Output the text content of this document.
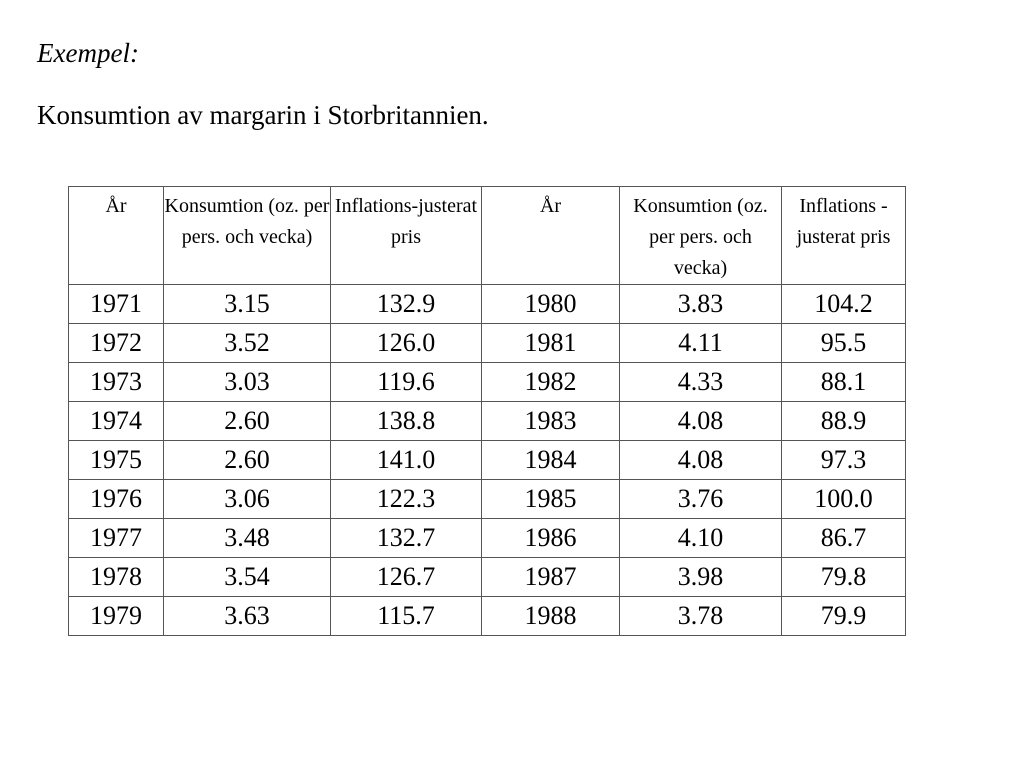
Exempel:
Konsumtion av margarin i Storbritannien.
År	Konsumtion (oz. per pers. och vecka)	Inflations-justerat pris	År	Konsumtion (oz. per pers. och vecka)	Inflations -justerat pris
1971	3.15	132.9	1980	3.83	104.2
1972	3.52	126.0	1981	4.11	95.5
1973	3.03	119.6	1982	4.33	88.1
1974	2.60	138.8	1983	4.08	88.9
1975	2.60	141.0	1984	4.08	97.3
1976	3.06	122.3	1985	3.76	100.0
1977	3.48	132.7	1986	4.10	86.7
1978	3.54	126.7	1987	3.98	79.8
1979	3.63	115.7	1988	3.78	79.9
